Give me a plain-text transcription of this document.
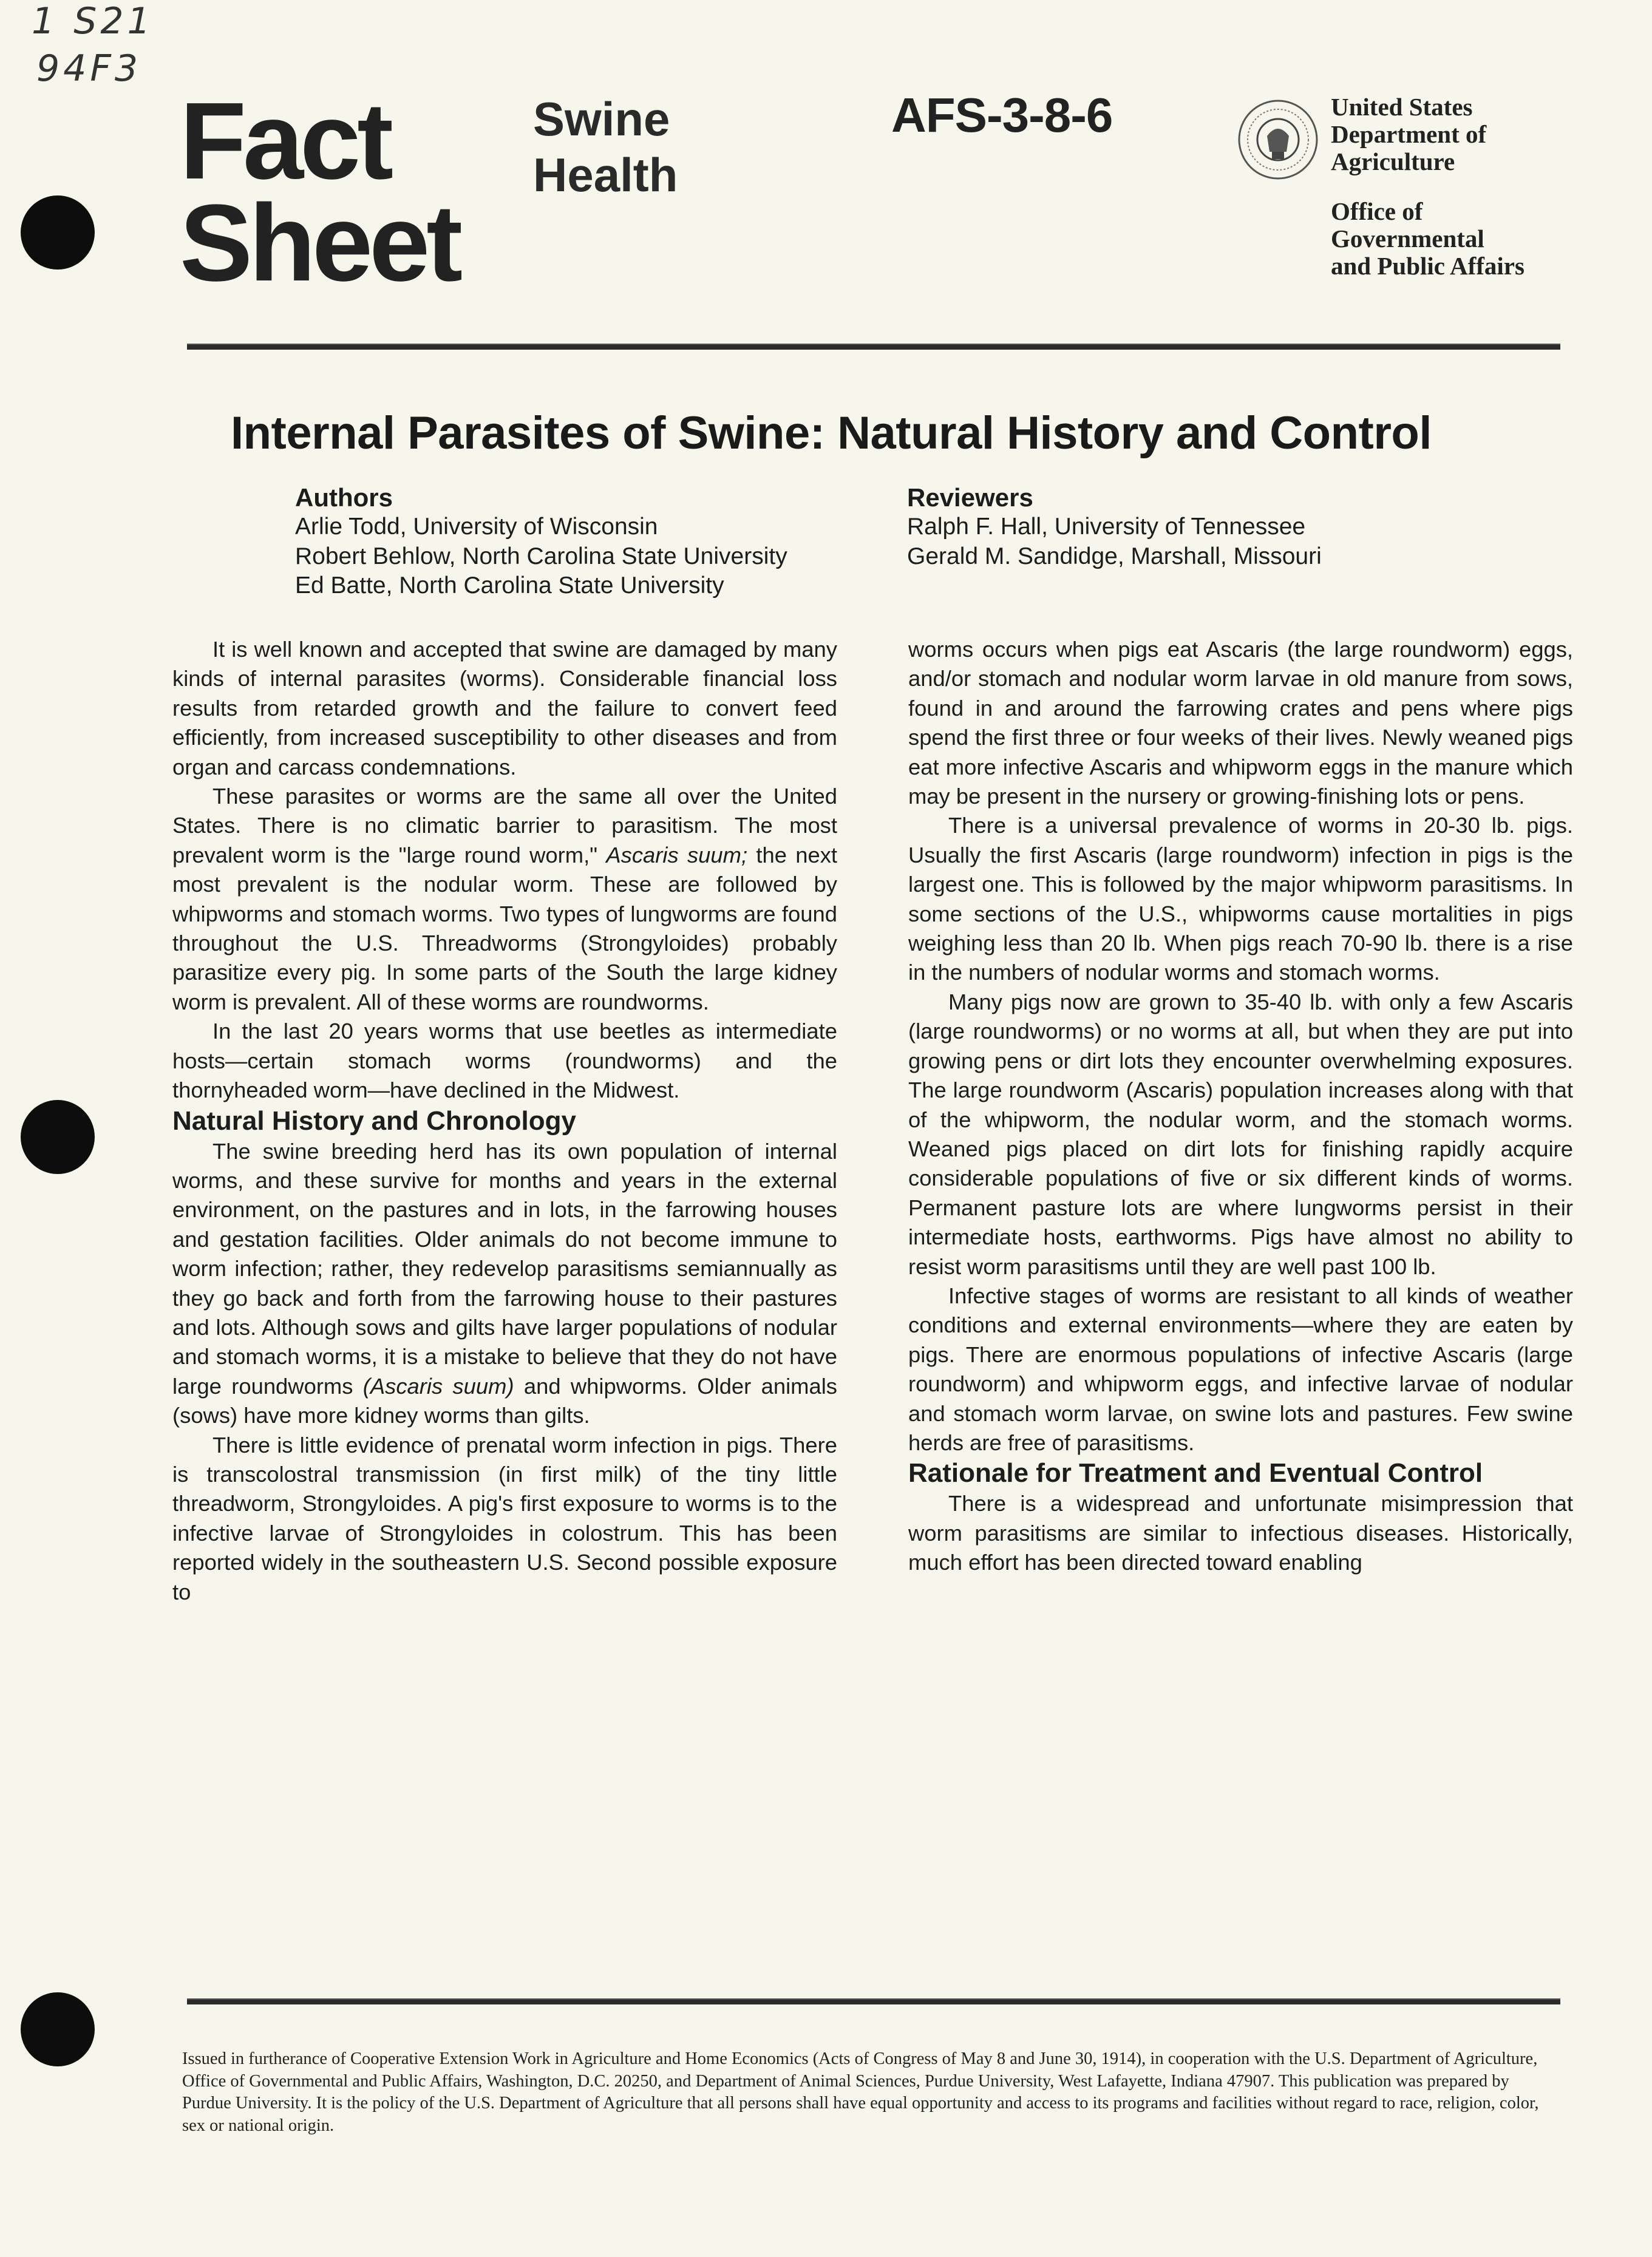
1 S21
94F3
Fact
Sheet
Swine
Health
AFS-3-8-6	United States
Department of
Agriculture
Office of
Governmental
and Public Affairs
Internal Parasites of Swine: Natural History and Control
Authors
Arlie Todd, University of Wisconsin
Robert Behlow, North Carolina State University
Ed Batte, North Carolina State University
Reviewers
Ralph F. Hall, University of Tennessee
Gerald M. Sandidge, Marshall, Missouri

It is well known and accepted that swine are damaged by many kinds of internal parasites (worms). Considerable financial loss results from retarded growth and the failure to convert feed efficiently, from increased susceptibility to other diseases and from organ and carcass condemnations.

These parasites or worms are the same all over the United States. There is no climatic barrier to parasitism. The most prevalent worm is the "large round worm," Ascaris suum; the next most prevalent is the nodular worm. These are followed by whipworms and stomach worms. Two types of lungworms are found throughout the U.S. Threadworms (Strongyloides) probably parasitize every pig. In some parts of the South the large kidney worm is prevalent. All of these worms are roundworms.

In the last 20 years worms that use beetles as intermediate hosts—certain stomach worms (roundworms) and the thornyheaded worm—have declined in the Midwest.

Natural History and Chronology

The swine breeding herd has its own population of internal worms, and these survive for months and years in the external environment, on the pastures and in lots, in the farrowing houses and gestation facilities. Older animals do not become immune to worm infection; rather, they redevelop parasitisms semiannually as they go back and forth from the farrowing house to their pastures and lots. Although sows and gilts have larger populations of nodular and stomach worms, it is a mistake to believe that they do not have large roundworms (Ascaris suum) and whipworms. Older animals (sows) have more kidney worms than gilts.

There is little evidence of prenatal worm infection in pigs. There is transcolostral transmission (in first milk) of the tiny little threadworm, Strongyloides. A pig's first exposure to worms is to the infective larvae of Strongyloides in colostrum. This has been reported widely in the southeastern U.S. Second possible exposure to

worms occurs when pigs eat Ascaris (the large roundworm) eggs, and/or stomach and nodular worm larvae in old manure from sows, found in and around the farrowing crates and pens where pigs spend the first three or four weeks of their lives. Newly weaned pigs eat more infective Ascaris and whipworm eggs in the manure which may be present in the nursery or growing-finishing lots or pens.

There is a universal prevalence of worms in 20-30 lb. pigs. Usually the first Ascaris (large roundworm) infection in pigs is the largest one. This is followed by the major whipworm parasitisms. In some sections of the U.S., whipworms cause mortalities in pigs weighing less than 20 lb. When pigs reach 70-90 lb. there is a rise in the numbers of nodular worms and stomach worms.

Many pigs now are grown to 35-40 lb. with only a few Ascaris (large roundworms) or no worms at all, but when they are put into growing pens or dirt lots they encounter overwhelming exposures. The large roundworm (Ascaris) population increases along with that of the whipworm, the nodular worm, and the stomach worms. Weaned pigs placed on dirt lots for finishing rapidly acquire considerable populations of five or six different kinds of worms. Permanent pasture lots are where lungworms persist in their intermediate hosts, earthworms. Pigs have almost no ability to resist worm parasitisms until they are well past 100 lb.

Infective stages of worms are resistant to all kinds of weather conditions and external environments—where they are eaten by pigs. There are enormous populations of infective Ascaris (large roundworm) and whipworm eggs, and infective larvae of nodular and stomach worm larvae, on swine lots and pastures. Few swine herds are free of parasitisms.

Rationale for Treatment and Eventual Control

There is a widespread and unfortunate misimpression that worm parasitisms are similar to infectious diseases. Historically, much effort has been directed toward enabling

Issued in furtherance of Cooperative Extension Work in Agriculture and Home Economics (Acts of Congress of May 8 and June 30, 1914), in cooperation with the U.S. Department of Agriculture, Office of Governmental and Public Affairs, Washington, D.C. 20250, and Department of Animal Sciences, Purdue University, West Lafayette, Indiana 47907. This publication was prepared by Purdue University. It is the policy of the U.S. Department of Agriculture that all persons shall have equal opportunity and access to its programs and facilities without regard to race, religion, color, sex or national origin.
